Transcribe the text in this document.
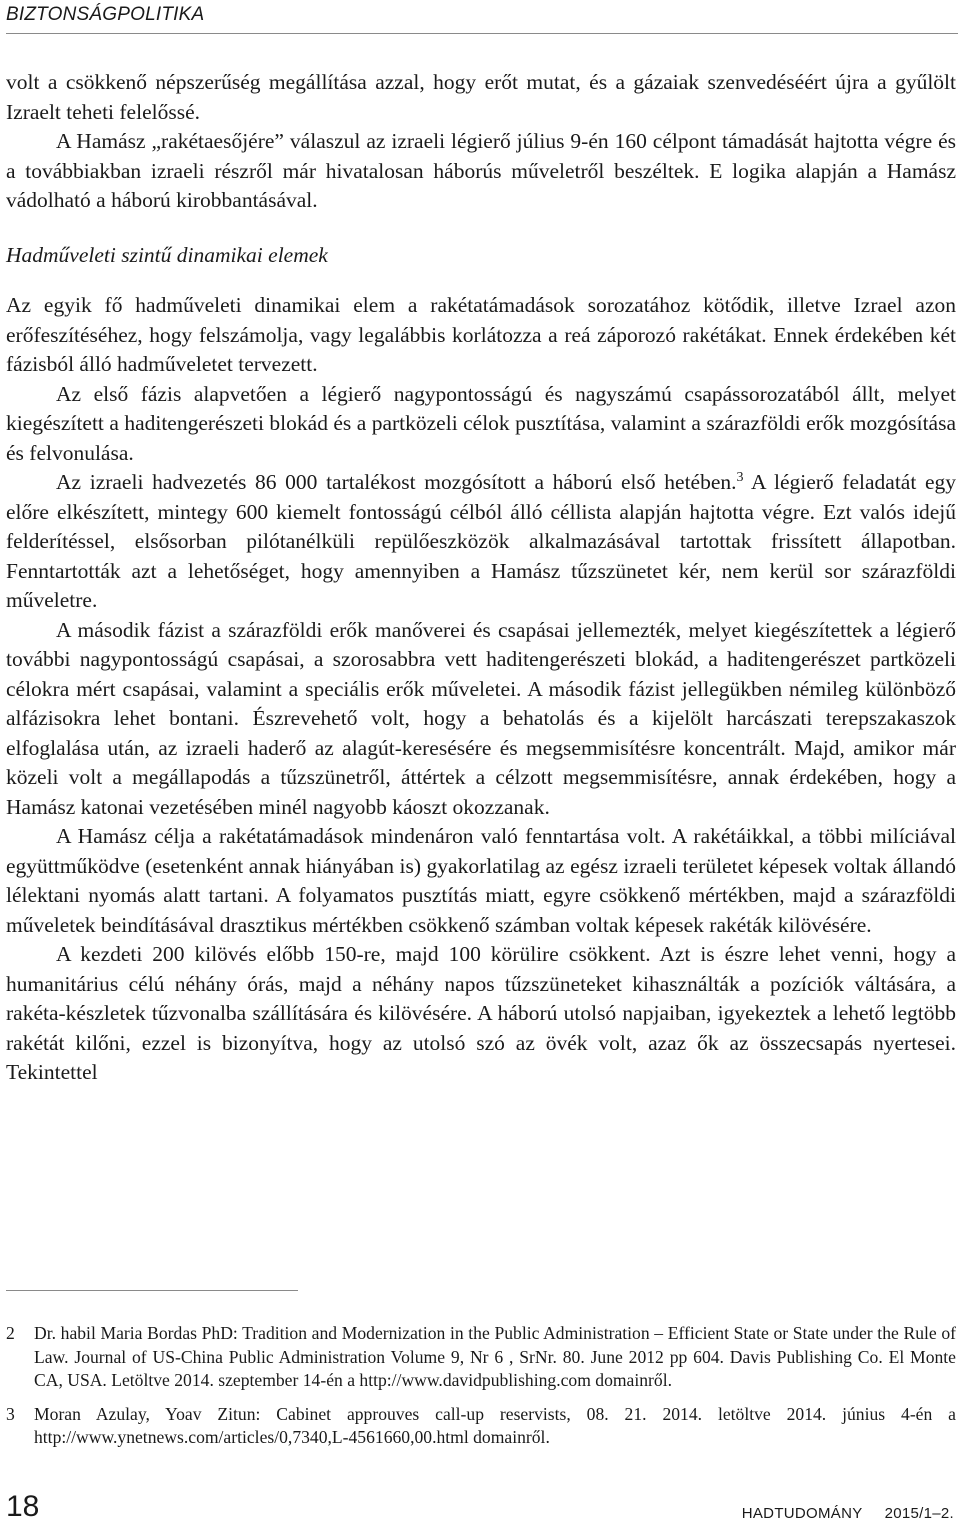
BIZTONSÁGPOLITIKA

volt a csökkenő népszerűség megállítása azzal, hogy erőt mutat, és a gázaiak szenvedéséért újra a gyűlölt Izraelt teheti felelőssé.

A Hamász „rakétaesőjére” válaszul az izraeli légierő július 9-én 160 célpont támadását hajtotta végre és a továbbiakban izraeli részről már hivatalosan háborús műveletről beszéltek. E logika alapján a Hamász vádolható a háború kirobbantásával.

Hadműveleti szintű dinamikai elemek

Az egyik fő hadműveleti dinamikai elem a rakétatámadások sorozatához kötődik, illetve Izrael azon erőfeszítéséhez, hogy felszámolja, vagy legalábbis korlátozza a reá záporozó rakétákat. Ennek érdekében két fázisból álló hadműveletet tervezett.

Az első fázis alapvetően a légierő nagypontosságú és nagyszámú csapássorozatából állt, melyet kiegészített a haditengerészeti blokád és a partközeli célok pusztítása, valamint a szárazföldi erők mozgósítása és felvonulása.

Az izraeli hadvezetés 86 000 tartalékost mozgósított a háború első hetében.$^3$ A légierő feladatát egy előre elkészített, mintegy 600 kiemelt fontosságú célból álló céllista alapján hajtotta végre. Ezt valós idejű felderítéssel, elsősorban pilótanélküli repülőeszközök alkalmazásával tartottak frissített állapotban. Fenntartották azt a lehetőséget, hogy amennyiben a Hamász tűzszünetet kér, nem kerül sor szárazföldi műveletre.

A második fázist a szárazföldi erők manőverei és csapásai jellemezték, melyet kiegészítettek a légierő további nagypontosságú csapásai, a szorosabbra vett haditengerészeti blokád, a haditengerészet partközeli célokra mért csapásai, valamint a speciális erők műveletei. A második fázist jellegükben némileg különböző alfázisokra lehet bontani. Észrevehető volt, hogy a behatolás és a kijelölt harcászati terepszakaszok elfoglalása után, az izraeli haderő az alagút-keresésére és megsemmisítésre koncentrált. Majd, amikor már közeli volt a megállapodás a tűzszünetről, áttértek a célzott megsemmisítésre, annak érdekében, hogy a Hamász katonai vezetésében minél nagyobb káoszt okozzanak.

A Hamász célja a rakétatámadások mindenáron való fenntartása volt. A rakétáikkal, a többi milíciával együttműködve (esetenként annak hiányában is) gyakorlatilag az egész izraeli területet képesek voltak állandó lélektani nyomás alatt tartani. A folyamatos pusztítás miatt, egyre csökkenő mértékben, majd a szárazföldi műveletek beindításával drasztikus mértékben csökkenő számban voltak képesek rakéták kilövésére.

A kezdeti 200 kilövés előbb 150-re, majd 100 körülire csökkent. Azt is észre lehet venni, hogy a humanitárius célú néhány órás, majd a néhány napos tűzszüneteket kihasználták a pozíciók váltására, a rakéta-készletek tűzvonalba szállítására és kilövésére. A háború utolsó napjaiban, igyekeztek a lehető legtöbb rakétát kilőni, ezzel is bizonyítva, hogy az utolsó szó az övék volt, azaz ők az összecsapás nyertesei. Tekintettel

2	Dr. habil Maria Bordas PhD: Tradition and Modernization in the Public Administration – Efficient State or State under the Rule of Law. Journal of US-China Public Administration Volume 9, Nr 6 , SrNr. 80. June 2012 pp 604. Davis Publishing Co. El Monte CA, USA. Letöltve 2014. szeptember 14-én a http://www.davidpublishing.com domainről.
3	Moran Azulay, Yoav Zitun: Cabinet approuves call-up reservists, 08. 21. 2014. letöltve 2014. június 4-én a http://www.ynetnews.com/articles/0,7340,L-4561660,00.html domainről.
18	HADTUDOMÁNY 2015/1–2.
